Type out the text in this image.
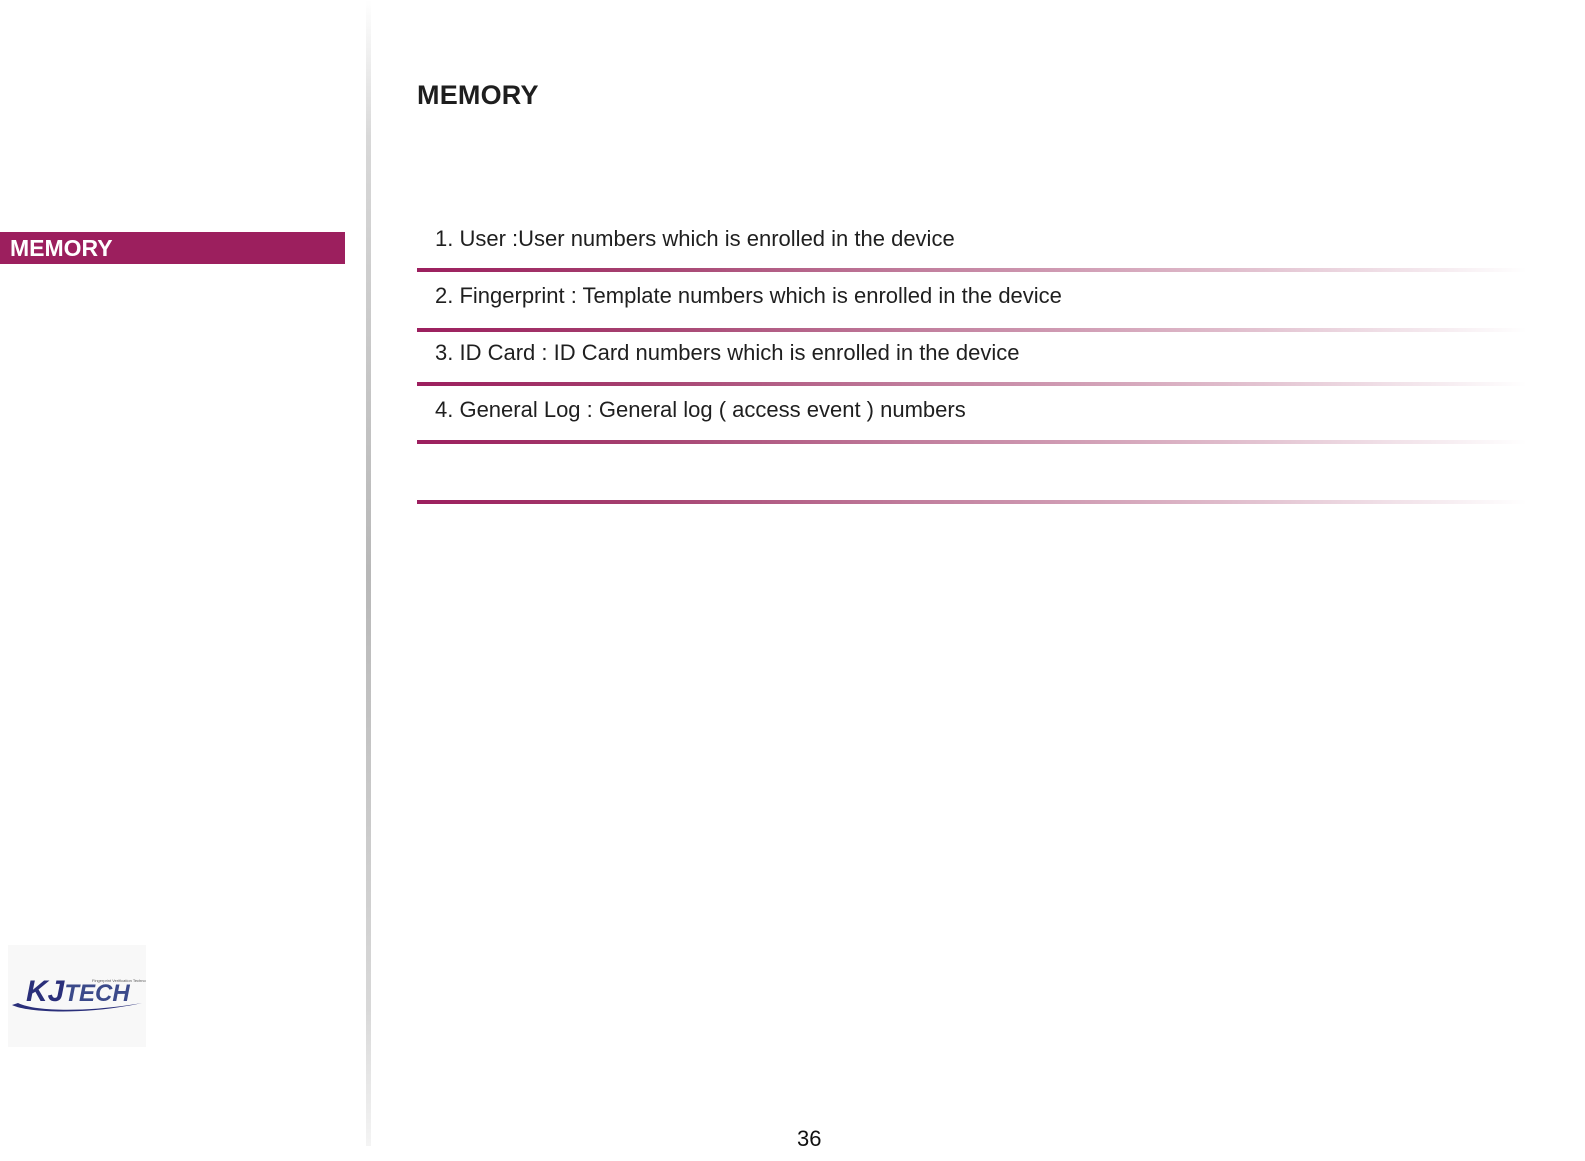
MEMORY
MEMORY
1. User :User numbers which is enrolled in the device
2. Fingerprint : Template numbers which is enrolled in the device
3. ID Card : ID Card numbers which is enrolled in the device
4. General Log : General log ( access event ) numbers
Fingerprint Verification Techno
KJTECH
36
